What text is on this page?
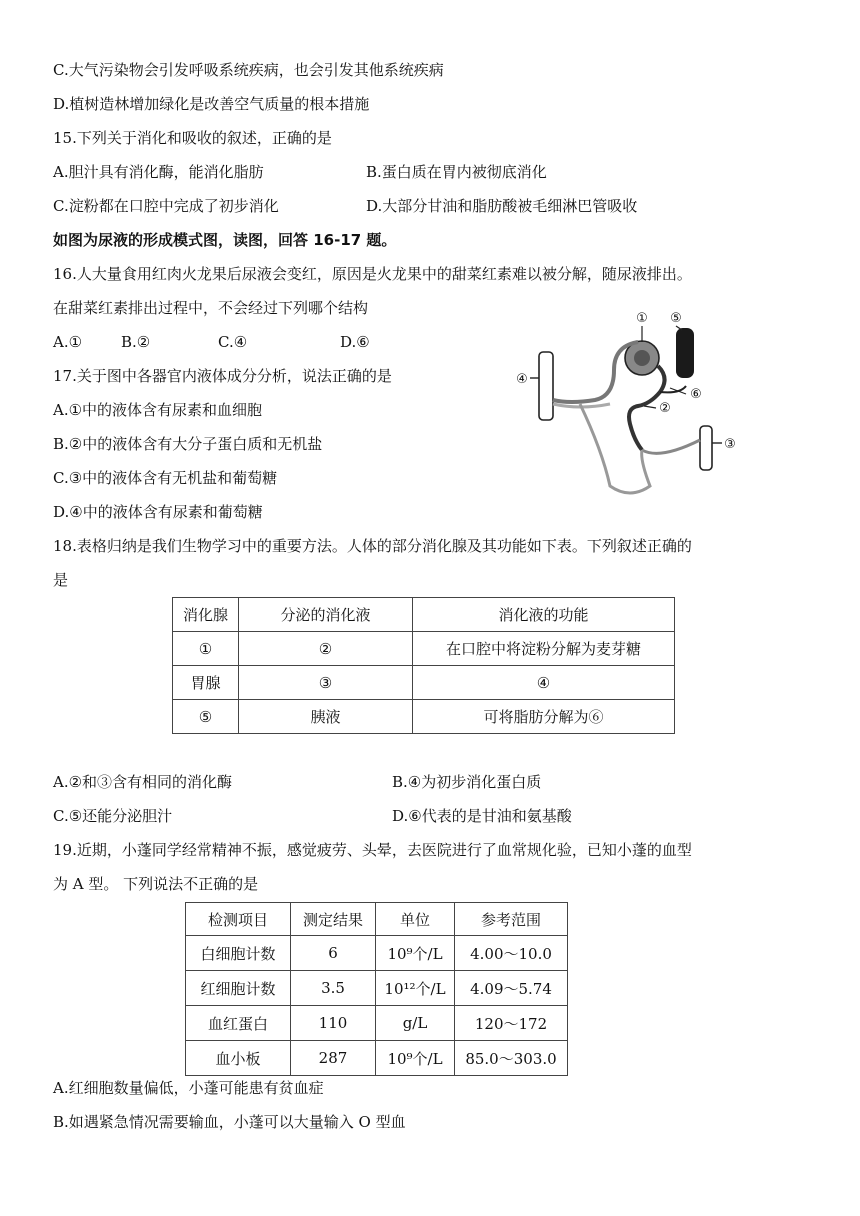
C.大气污染物会引发呼吸系统疾病，也会引发其他系统疾病
D.植树造林增加绿化是改善空气质量的根本措施
15.下列关于消化和吸收的叙述，正确的是
A.胆汁具有消化酶，能消化脂肪	B.蛋白质在胃内被彻底消化
C.淀粉都在口腔中完成了初步消化	D.大部分甘油和脂肪酸被毛细淋巴管吸收
如图为尿液的形成模式图，读图，回答 16-17 题。
16.人大量食用红肉火龙果后尿液会变红，原因是火龙果中的甜菜红素难以被分解，随尿液排出。
在甜菜红素排出过程中，不会经过下列哪个结构
A.①	B.②	C.④	D.⑥
17.关于图中各器官内液体成分分析，说法正确的是
A.①中的液体含有尿素和血细胞
B.②中的液体含有大分子蛋白质和无机盐
C.③中的液体含有无机盐和葡萄糖
D.④中的液体含有尿素和葡萄糖
① ⑤
⑥
②
④
③
18.表格归纳是我们生物学习中的重要方法。人体的部分消化腺及其功能如下表。下列叙述正确的
是
消化腺	分泌的消化液	消化液的功能
①	②	在口腔中将淀粉分解为麦芽糖
胃腺	③	④
⑤	胰液	可将脂肪分解为⑥
A.②和③含有相同的消化酶	B.④为初步消化蛋白质
C.⑤还能分泌胆汁	D.⑥代表的是甘油和氨基酸
19.近期，小蓬同学经常精神不振，感觉疲劳、头晕，去医院进行了血常规化验，已知小蓬的血型
为 A 型。 下列说法不正确的是
检测项目	测定结果	单位	参考范围
白细胞计数	6	10⁹个/L	4.00～10.0
红细胞计数	3.5	10¹²个/L	4.09～5.74
血红蛋白	110	g/L	120～172
血小板	287	10⁹个/L	85.0～303.0
A.红细胞数量偏低，小蓬可能患有贫血症
B.如遇紧急情况需要输血，小蓬可以大量输入 O 型血
